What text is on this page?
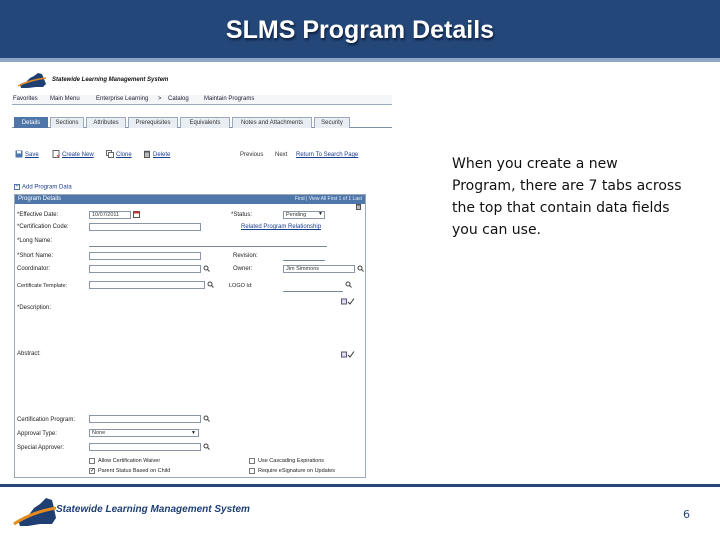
SLMS Program Details
Statewide Learning Management System
Favorites Main Menu	Enterprise Learning > Catalog	Maintain Programs
Details	Sections	Attributes	Prerequisites	Equivalents	Notes and Attachments	Security
Save	Create New	Clone	Delete	Previous Next Return To Search Page
+ Add Program Data
Program Details	Find | View All First 1 of 1 Last
*Effective Date:	10/07/2011	*Status:	Pending	▼
*Certification Code:	Related Program Relationship
*Long Name:
*Short Name:	Revision:
Coordinator:	Owner:	Jim Simmons
Certificate Template:	LOGO Id:
*Description:
Abstract:
Certification Program:
Approval Type:	None	▼
Special Approver:
Allow Certification Waiver	Use Cascading Expirations
✓
Parent Status Based on Child	Require eSignature on Updates
When you create a new Program, there are 7 tabs across the top that contain data fields you can use.
Statewide Learning Management System	6
